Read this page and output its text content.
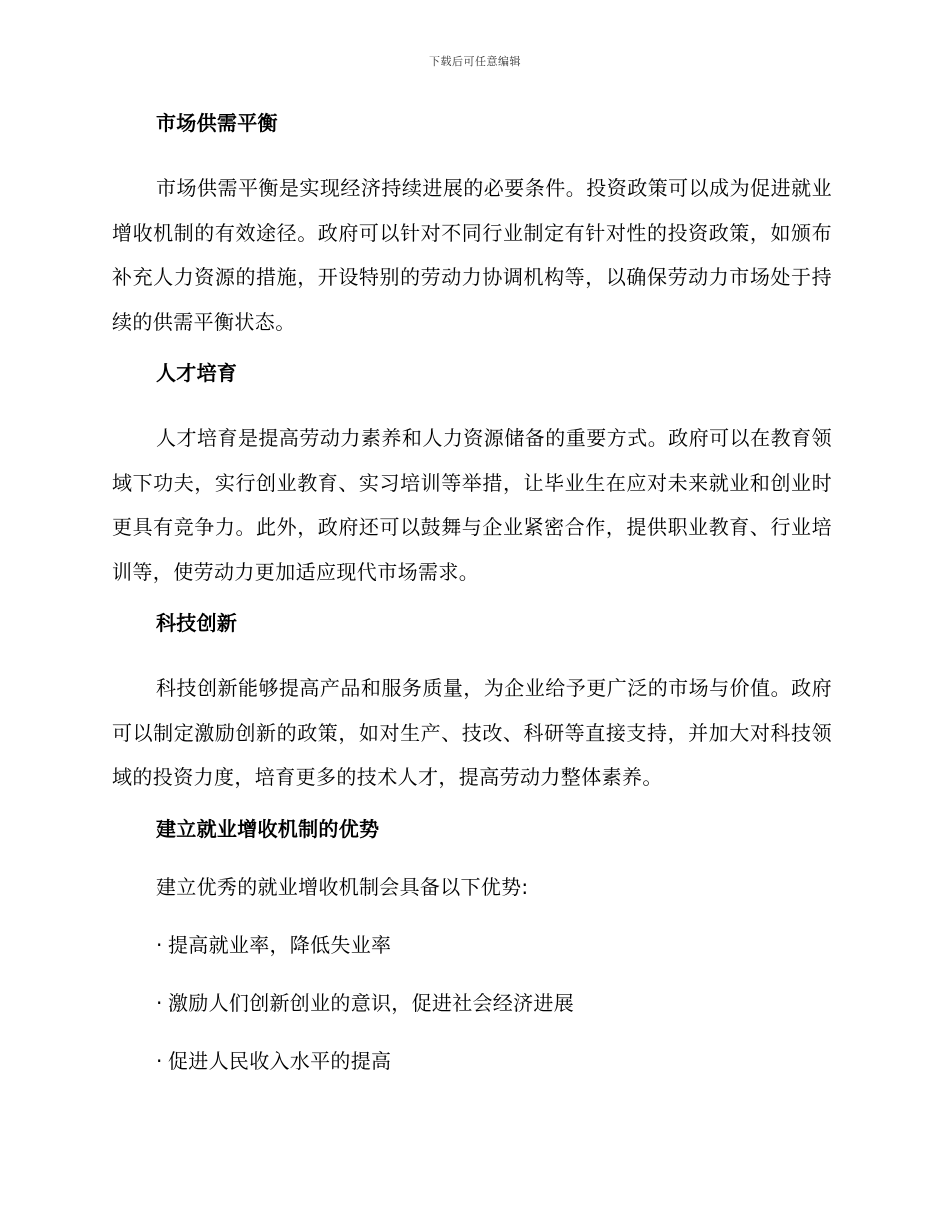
下载后可任意编辑
市场供需平衡
市场供需平衡是实现经济持续进展的必要条件。投资政策可以成为促进就业增收机制的有效途径。政府可以针对不同行业制定有针对性的投资政策，如颁布补充人力资源的措施，开设特别的劳动力协调机构等，以确保劳动力市场处于持续的供需平衡状态。
人才培育
人才培育是提高劳动力素养和人力资源储备的重要方式。政府可以在教育领域下功夫，实行创业教育、实习培训等举措，让毕业生在应对未来就业和创业时更具有竞争力。此外，政府还可以鼓舞与企业紧密合作，提供职业教育、行业培训等，使劳动力更加适应现代市场需求。
科技创新
科技创新能够提高产品和服务质量，为企业给予更广泛的市场与价值。政府可以制定激励创新的政策，如对生产、技改、科研等直接支持，并加大对科技领域的投资力度，培育更多的技术人才，提高劳动力整体素养。
建立就业增收机制的优势
建立优秀的就业增收机制会具备以下优势:
· 提高就业率，降低失业率
· 激励人们创新创业的意识，促进社会经济进展
· 促进人民收入水平的提高
